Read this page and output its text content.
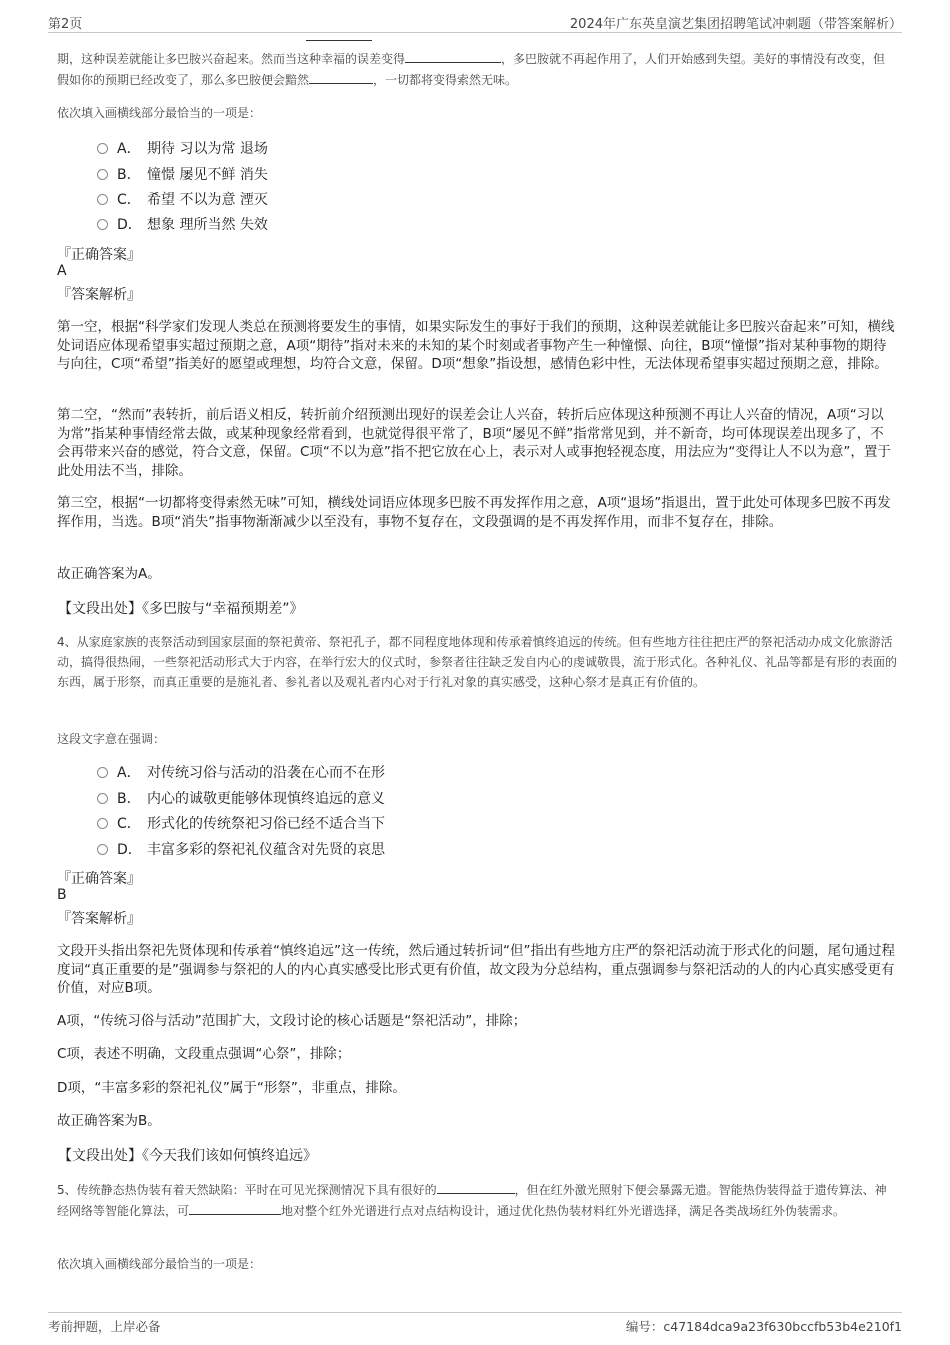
第2页	2024年广东英皇演艺集团招聘笔试冲刺题（带答案解析）

期，这种误差就能让多巴胺兴奋起来。然而当这种幸福的误差变得	，多巴胺就不再起作用了，人们开始感到失望。美好的事情没有改变，但假如你的预期已经改变了，那么多巴胺便会黯然	，一切都将变得索然无味。

依次填入画横线部分最恰当的一项是：

A． 期待 习以为常 退场
B． 憧憬 屡见不鲜 消失
C． 希望 不以为意 湮灭
D． 想象 理所当然 失效
『正确答案』
A
『答案解析』

第一空，根据“科学家们发现人类总在预测将要发生的事情，如果实际发生的事好于我们的预期，这种误差就能让多巴胺兴奋起来”可知，横线处词语应体现希望事实超过预期之意，A项“期待”指对未来的未知的某个时刻或者事物产生一种憧憬、向往，B项“憧憬”指对某种事物的期待与向往，C项“希望”指美好的愿望或理想，均符合文意，保留。D项“想象”指设想，感情色彩中性，无法体现希望事实超过预期之意，排除。

第二空，“然而”表转折，前后语义相反，转折前介绍预测出现好的误差会让人兴奋，转折后应体现这种预测不再让人兴奋的情况，A项“习以为常”指某种事情经常去做，或某种现象经常看到，也就觉得很平常了，B项“屡见不鲜”指常常见到，并不新奇，均可体现误差出现多了，不会再带来兴奋的感觉，符合文意，保留。C项“不以为意”指不把它放在心上，表示对人或事抱轻视态度，用法应为“变得让人不以为意”，置于此处用法不当，排除。

第三空，根据“一切都将变得索然无味”可知，横线处词语应体现多巴胺不再发挥作用之意，A项“退场”指退出，置于此处可体现多巴胺不再发挥作用，当选。B项“消失”指事物渐渐减少以至没有，事物不复存在，文段强调的是不再发挥作用，而非不复存在，排除。

故正确答案为A。

【文段出处】《多巴胺与“幸福预期差”》

4、从家庭家族的丧祭活动到国家层面的祭祀黄帝、祭祀孔子，都不同程度地体现和传承着慎终追远的传统。但有些地方往往把庄严的祭祀活动办成文化旅游活动，搞得很热闹，一些祭祀活动形式大于内容，在举行宏大的仪式时，参祭者往往缺乏发自内心的虔诚敬畏，流于形式化。各种礼仪、礼品等都是有形的表面的东西，属于形祭，而真正重要的是施礼者、参礼者以及观礼者内心对于行礼对象的真实感受，这种心祭才是真正有价值的。

这段文字意在强调：

A． 对传统习俗与活动的沿袭在心而不在形
B． 内心的诚敬更能够体现慎终追远的意义
C． 形式化的传统祭祀习俗已经不适合当下
D． 丰富多彩的祭祀礼仪蕴含对先贤的哀思
『正确答案』
B
『答案解析』

文段开头指出祭祀先贤体现和传承着“慎终追远”这一传统，然后通过转折词“但”指出有些地方庄严的祭祀活动流于形式化的问题，尾句通过程度词“真正重要的是”强调参与祭祀的人的内心真实感受比形式更有价值，故文段为分总结构，重点强调参与祭祀活动的人的内心真实感受更有价值，对应B项。

A项，“传统习俗与活动”范围扩大，文段讨论的核心话题是“祭祀活动”，排除；

C项，表述不明确，文段重点强调“心祭”，排除；

D项，“丰富多彩的祭祀礼仪”属于“形祭”，非重点，排除。

故正确答案为B。

【文段出处】《今天我们该如何慎终追远》

5、传统静态热伪装有着天然缺陷：平时在可见光探测情况下具有很好的	，但在红外激光照射下便会暴露无遗。智能热伪装得益于遗传算法、神经网络等智能化算法，可	地对整个红外光谱进行点对点结构设计，通过优化热伪装材料红外光谱选择，满足各类战场红外伪装需求。

依次填入画横线部分最恰当的一项是：

考前押题，上岸必备	编号：c47184dca9a23f630bccfb53b4e210f1
